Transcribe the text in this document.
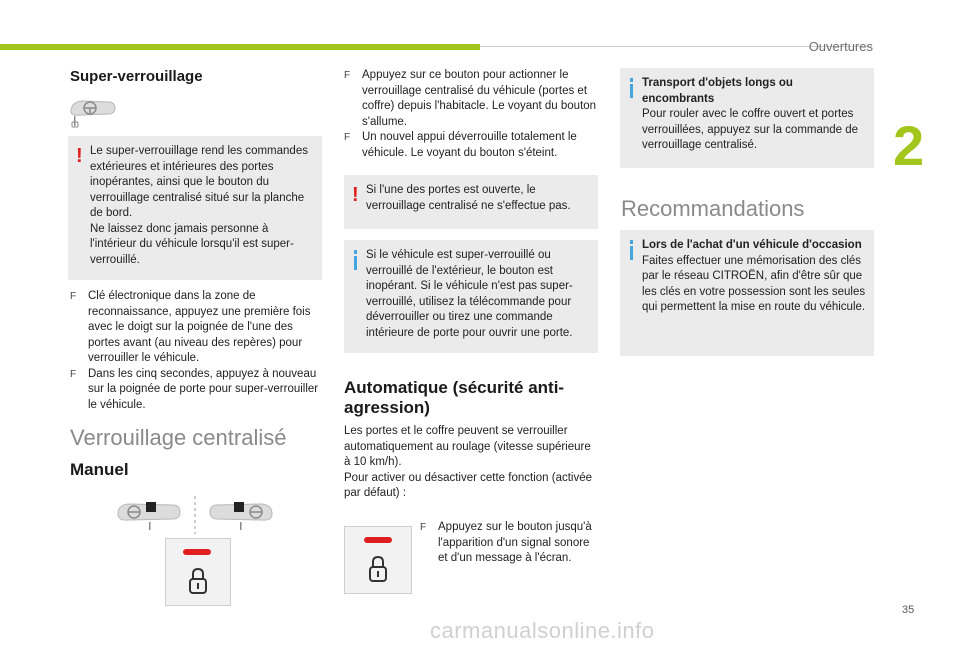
Ouvertures
2
35
carmanualsonline.info
Super-verrouillage
! Le super-verrouillage rend les commandes extérieures et intérieures des portes inopérantes, ainsi que le bouton du verrouillage centralisé situé sur la planche de bord.
Ne laissez donc jamais personne à l'intérieur du véhicule lorsqu'il est super-verrouillé.

F Clé électronique dans la zone de reconnaissance, appuyez une première fois avec le doigt sur la poignée de l'une des portes avant (au niveau des repères) pour verrouiller le véhicule.

F Dans les cinq secondes, appuyez à nouveau sur la poignée de porte pour super-verrouiller le véhicule.

Verrouillage centralisé
Manuel

F Appuyez sur ce bouton pour actionner le verrouillage centralisé du véhicule (portes et coffre) depuis l'habitacle. Le voyant du bouton s'allume.

F Un nouvel appui déverrouille totalement le véhicule. Le voyant du bouton s'éteint.

! Si l'une des portes est ouverte, le verrouillage centralisé ne s'effectue pas.
Si le véhicule est super-verrouillé ou verrouillé de l'extérieur, le bouton est inopérant. Si le véhicule n'est pas super-verrouillé, utilisez la télécommande pour déverrouiller ou tirez une commande intérieure de porte pour ouvrir une porte.
Automatique (sécurité anti-agression)
Les portes et le coffre peuvent se verrouiller automatiquement au roulage (vitesse supérieure à 10 km/h).
Pour activer ou désactiver cette fonction (activée par défaut) :

F Appuyez sur le bouton jusqu'à l'apparition d'un signal sonore et d'un message à l'écran.

Transport d'objets longs ou encombrants
Pour rouler avec le coffre ouvert et portes verrouillées, appuyez sur la commande de verrouillage centralisé.
Recommandations
Lors de l'achat d'un véhicule d'occasion
Faites effectuer une mémorisation des clés par le réseau CITROËN, afin d'être sûr que les clés en votre possession sont les seules qui permettent la mise en route du véhicule.
